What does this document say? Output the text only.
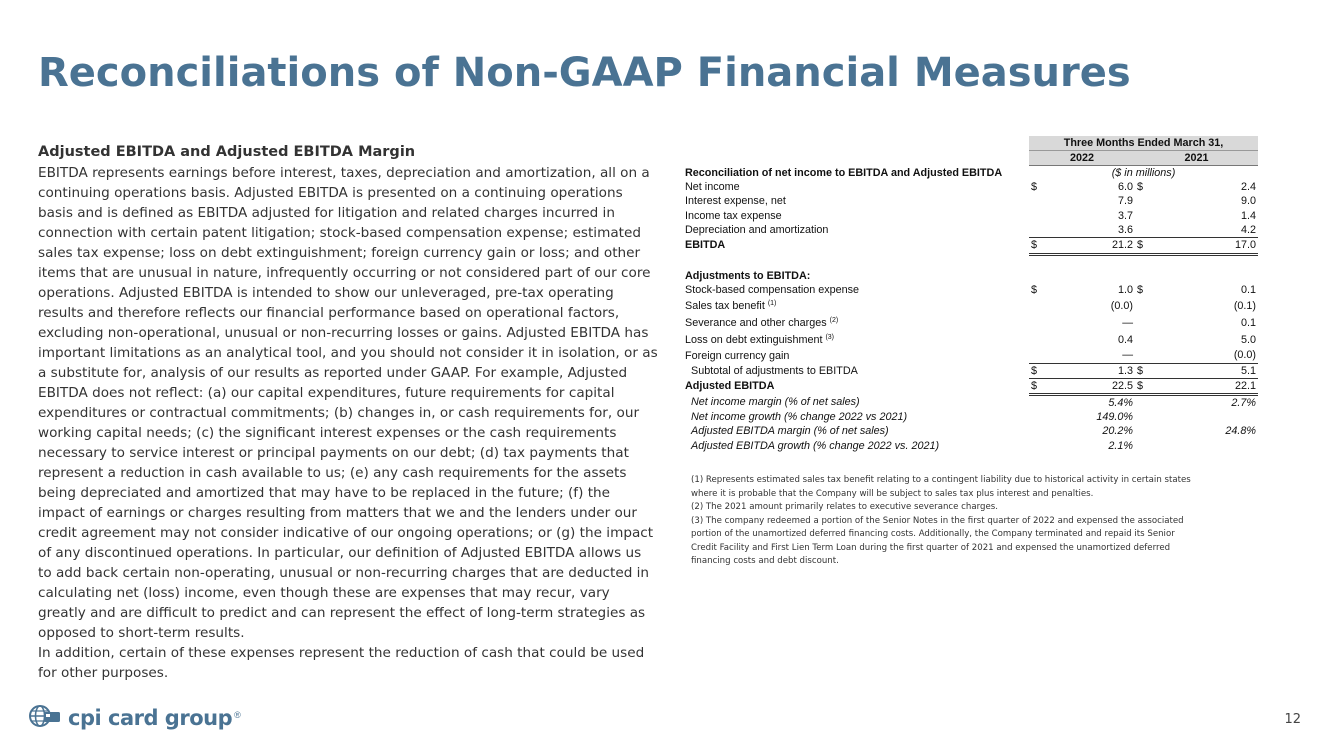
Reconciliations of Non-GAAP Financial Measures
Adjusted EBITDA and Adjusted EBITDA Margin

EBITDA represents earnings before interest, taxes, depreciation and amortization, all on a continuing operations basis. Adjusted EBITDA is presented on a continuing operations basis and is defined as EBITDA adjusted for litigation and related charges incurred in connection with certain patent litigation; stock-based compensation expense; estimated sales tax expense; loss on debt extinguishment; foreign currency gain or loss; and other items that are unusual in nature, infrequently occurring or not considered part of our core operations. Adjusted EBITDA is intended to show our unleveraged, pre-tax operating results and therefore reflects our financial performance based on operational factors, excluding non-operational, unusual or non-recurring losses or gains. Adjusted EBITDA has important limitations as an analytical tool, and you should not consider it in isolation, or as a substitute for, analysis of our results as reported under GAAP. For example, Adjusted EBITDA does not reflect: (a) our capital expenditures, future requirements for capital expenditures or contractual commitments; (b) changes in, or cash requirements for, our working capital needs; (c) the significant interest expenses or the cash requirements necessary to service interest or principal payments on our debt; (d) tax payments that represent a reduction in cash available to us; (e) any cash requirements for the assets being depreciated and amortized that may have to be replaced in the future; (f) the impact of earnings or charges resulting from matters that we and the lenders under our credit agreement may not consider indicative of our ongoing operations; or (g) the impact of any discontinued operations. In particular, our definition of Adjusted EBITDA allows us to add back certain non-operating, unusual or non-recurring charges that are deducted in calculating net (loss) income, even though these are expenses that may recur, vary greatly and are difficult to predict and can represent the effect of long-term strategies as opposed to short-term results.

In addition, certain of these expenses represent the reduction of cash that could be used for other purposes.

	Three Months Ended March 31,			
	2022		2021	
Reconciliation of net income to EBITDA and Adjusted EBITDA	($ in millions)			
Net income	$	6.0	$	2.4
Interest expense, net		7.9		9.0
Income tax expense		3.7		1.4
Depreciation and amortization		3.6		4.2
EBITDA	$	21.2	$	17.0

Adjustments to EBITDA:				
Stock-based compensation expense	$	1.0	$	0.1
Sales tax benefit $^{(1)}$		(0.0)		(0.1)
Severance and other charges $^{(2)}$		—		0.1
Loss on debt extinguishment $^{(3)}$		0.4		5.0
Foreign currency gain		—		(0.0)
Subtotal of adjustments to EBITDA	$	1.3	$	5.1
Adjusted EBITDA	$	22.5	$	22.1
Net income margin (% of net sales)		5.4%		2.7%
Net income growth (% change 2022 vs 2021)		149.0%		
Adjusted EBITDA margin (% of net sales)		20.2%		24.8%
Adjusted EBITDA growth (% change 2022 vs. 2021)		2.1%		

(1) Represents estimated sales tax benefit relating to a contingent liability due to historical activity in certain states where it is probable that the Company will be subject to sales tax plus interest and penalties.

(2) The 2021 amount primarily relates to executive severance charges.

(3) The company redeemed a portion of the Senior Notes in the first quarter of 2022 and expensed the associated portion of the unamortized deferred financing costs. Additionally, the Company terminated and repaid its Senior Credit Facility and First Lien Term Loan during the first quarter of 2021 and expensed the unamortized deferred financing costs and debt discount.

cpi card group ®	12
